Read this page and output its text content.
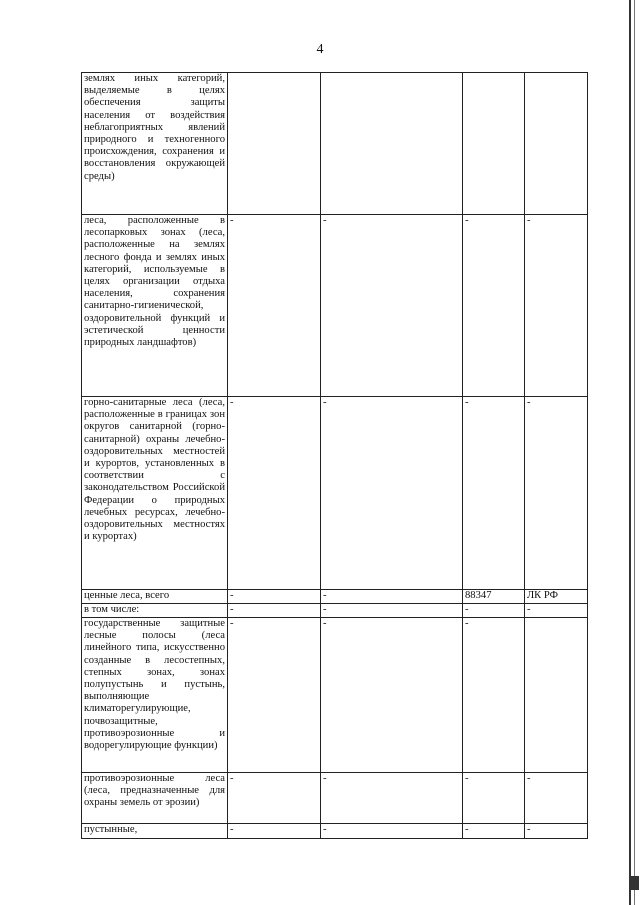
4
землях иных категорий, выделяемые в целях обеспечения защиты населения от воздействия неблагоприятных явлений природного и техногенного происхождения, сохранения и восстановления окружающей среды)				
леса, расположенные в лесопарковых зонах (леса, расположенные на землях лесного фонда и землях иных категорий, используемые в целях организации отдыха населения, сохранения санитарно-гигиенической, оздоровительной функций и эстетической ценности природных ландшафтов)	-	-	-	-
горно-санитарные леса (леса, расположенные в границах зон округов санитарной (горно-санитарной) охраны лечебно-оздоровительных местностей и курортов, установленных в соответствии с законодательством Российской Федерации о природных лечебных ресурсах, лечебно-оздоровительных местностях и курортах)	-	-	-	-
ценные леса, всего	-	-	88347	ЛК РФ
в том числе:	-	-	-	-
государственные защитные лесные полосы (леса линейного типа, искусственно созданные в лесостепных, степных зонах, зонах полупустынь и пустынь, выполняющие климаторегулирующие, почвозащитные, противоэрозионные и водорегулирующие функции)	-	-	-	
противоэрозионные леса (леса, предназначенные для охраны земель от эрозии)	-	-	-	-
пустынные,	-	-	-	-
